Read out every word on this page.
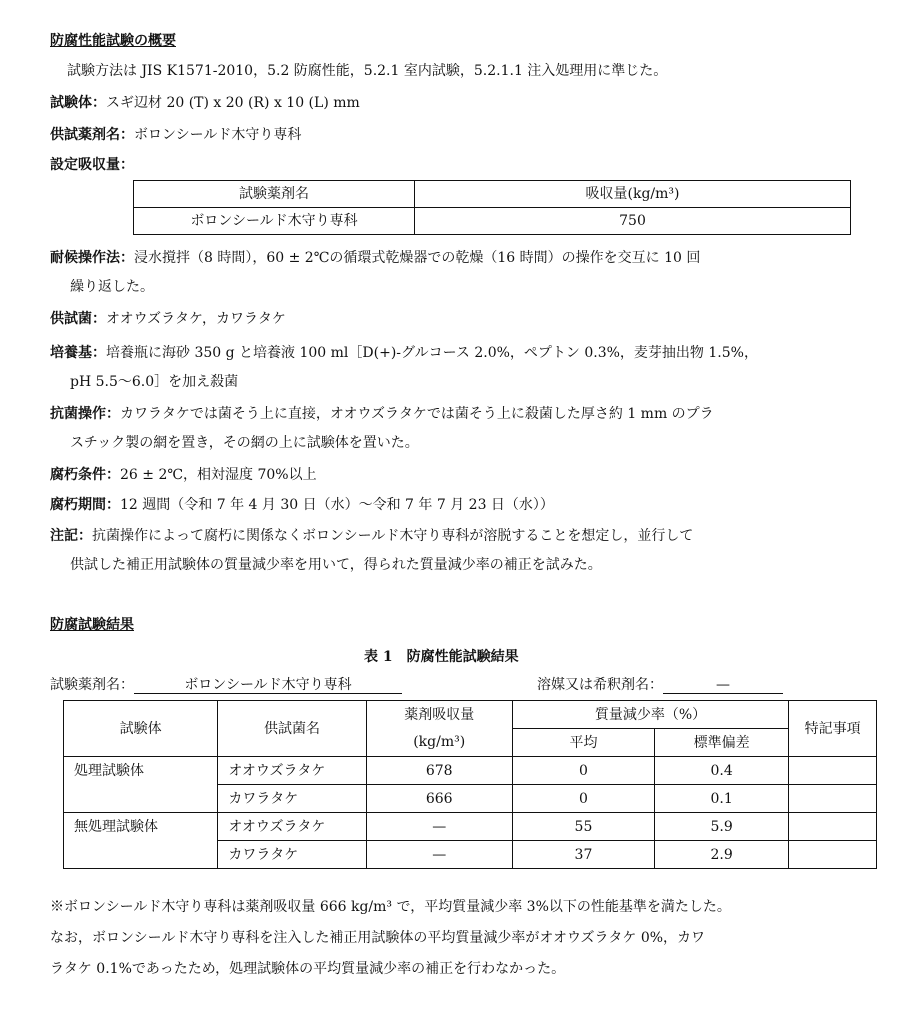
防腐性能試験の概要
試験方法は JIS K1571-2010，5.2 防腐性能，5.2.1 室内試験，5.2.1.1 注入処理用に準じた。
試験体：スギ辺材 20 (T) x 20 (R) x 10 (L) mm
供試薬剤名：ボロンシールド木守り専科
設定吸収量：
試験薬剤名	吸収量(kg/m³)
ボロンシールド木守り専科	750
耐候操作法：浸水撹拌（8 時間），60 ± 2℃の循環式乾燥器での乾燥（16 時間）の操作を交互に 10 回
繰り返した。
供試菌：オオウズラタケ，カワラタケ
培養基：培養瓶に海砂 350 g と培養液 100 ml［D(+)-グルコース 2.0%，ペプトン 0.3%，麦芽抽出物 1.5%，
pH 5.5～6.0］を加え殺菌
抗菌操作：カワラタケでは菌そう上に直接，オオウズラタケでは菌そう上に殺菌した厚さ約 1 mm のプラ
スチック製の網を置き，その網の上に試験体を置いた。
腐朽条件：26 ± 2℃，相対湿度 70%以上
腐朽期間：12 週間（令和 7 年 4 月 30 日（水）～令和 7 年 7 月 23 日（水））
注記：抗菌操作によって腐朽に関係なくボロンシールド木守り専科が溶脱することを想定し，並行して
供試した補正用試験体の質量減少率を用いて，得られた質量減少率の補正を試みた。
防腐試験結果
表 1　防腐性能試験結果
試験薬剤名：	ボロンシールド木守り専科	溶媒又は希釈剤名：	—
試験体	供試菌名	薬剤吸収量	質量減少率（%）		特記事項
		(kg/m³)	平均	標準偏差	
処理試験体	オオウズラタケ	678	0	0.4	
	カワラタケ	666	0	0.1	
無処理試験体	オオウズラタケ	—	55	5.9	
	カワラタケ	—	37	2.9	
※ボロンシールド木守り専科は薬剤吸収量 666 kg/m³ で，平均質量減少率 3%以下の性能基準を満たした。
なお，ボロンシールド木守り専科を注入した補正用試験体の平均質量減少率がオオウズラタケ 0%，カワ
ラタケ 0.1%であったため，処理試験体の平均質量減少率の補正を行わなかった。
